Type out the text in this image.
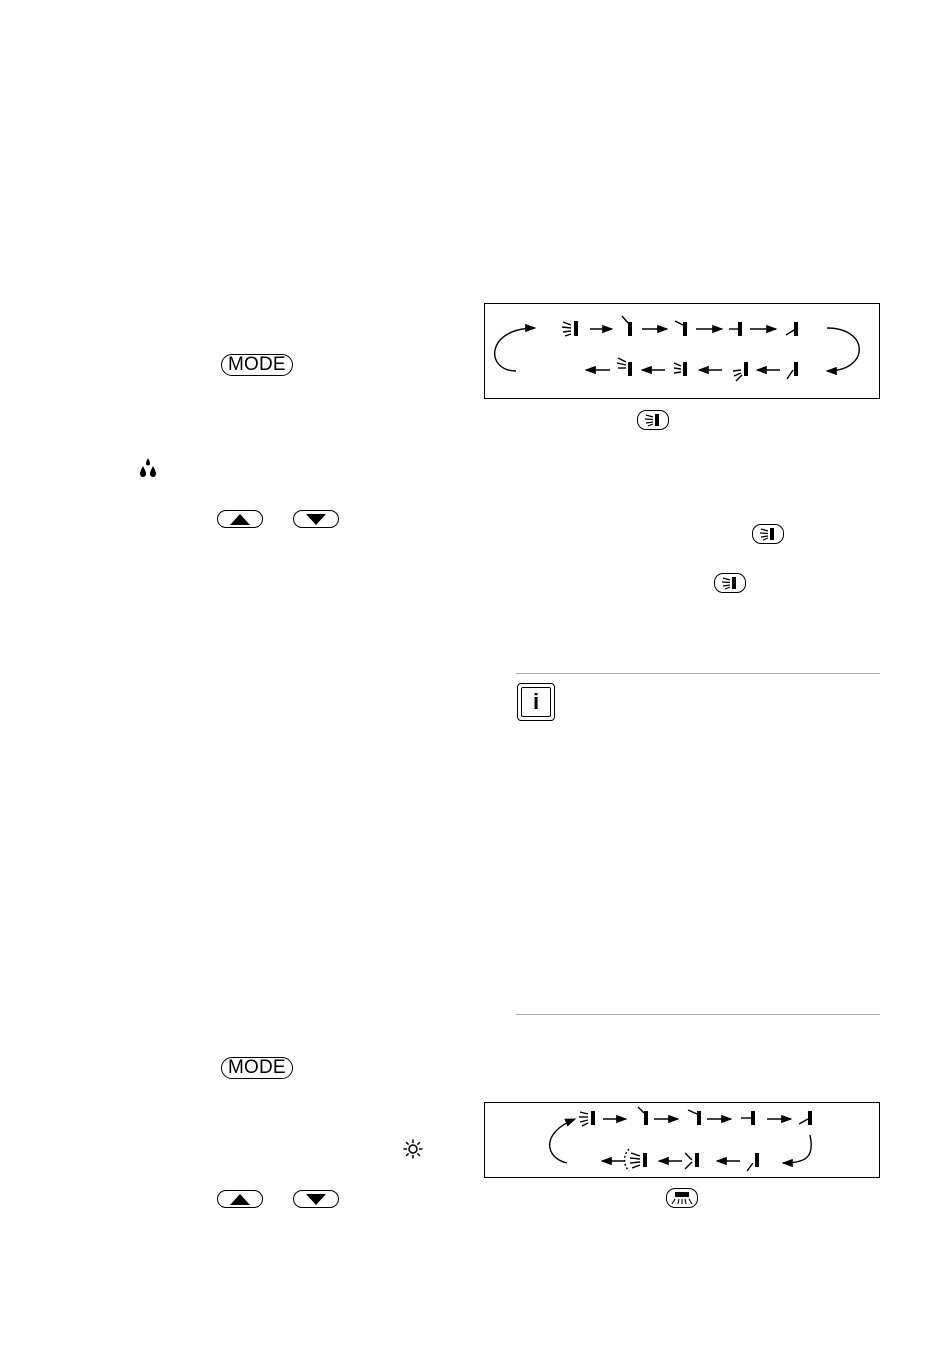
MODE
MODE
i
